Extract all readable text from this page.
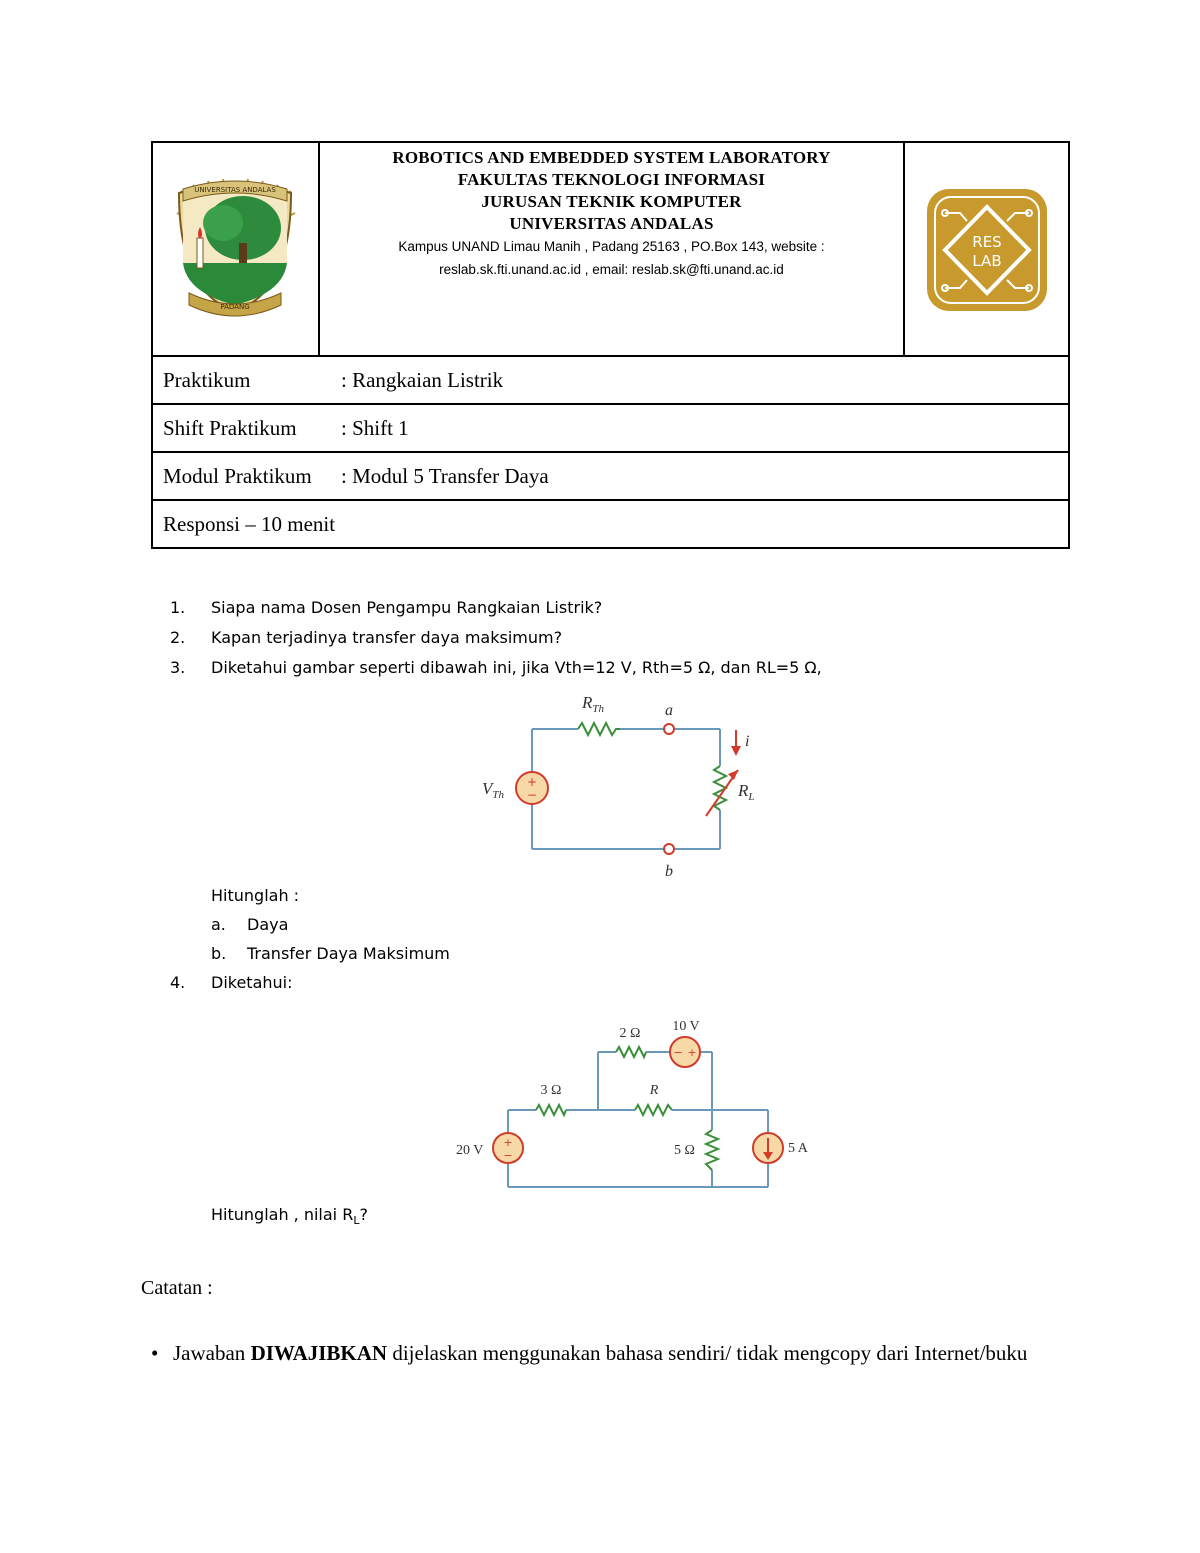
UNIVERSITAS ANDALAS
PADANG

ROBOTICS AND EMBEDDED SYSTEM LABORATORY
FAKULTAS TEKNOLOGI INFORMASI
JURUSAN TEKNIK KOMPUTER
UNIVERSITAS ANDALAS
Kampus UNAND Limau Manih , Padang 25163 , PO.Box 143, website :
reslab.sk.fti.unand.ac.id , email: reslab.sk@fti.unand.ac.id

RES
LAB

Praktikum	: Rangkaian Listrik
Shift Praktikum : Shift 1
Modul Praktikum : Modul 5 Transfer Daya
Responsi – 10 menit
1. Siapa nama Dosen Pengampu Rangkaian Listrik?
2. Kapan terjadinya transfer daya maksimum?
3. Diketahui gambar seperti dibawah ini, jika Vth=12 V, Rth=5 Ω, dan RL=5 Ω,
Hitunglah :
a. Daya
b. Transfer Daya Maksimum
4. Diketahui:
Hitunglah , nilai $R_L$?
+
−
$R_{Th}$	a
b
i
$V_{Th}$	$R_L$
− +
+
−
2 Ω 10 V
3 Ω	R
20 V	5 Ω	5 A
Catatan :
• Jawaban DIWAJIBKAN dijelaskan menggunakan bahasa sendiri/ tidak mengcopy dari Internet/buku
